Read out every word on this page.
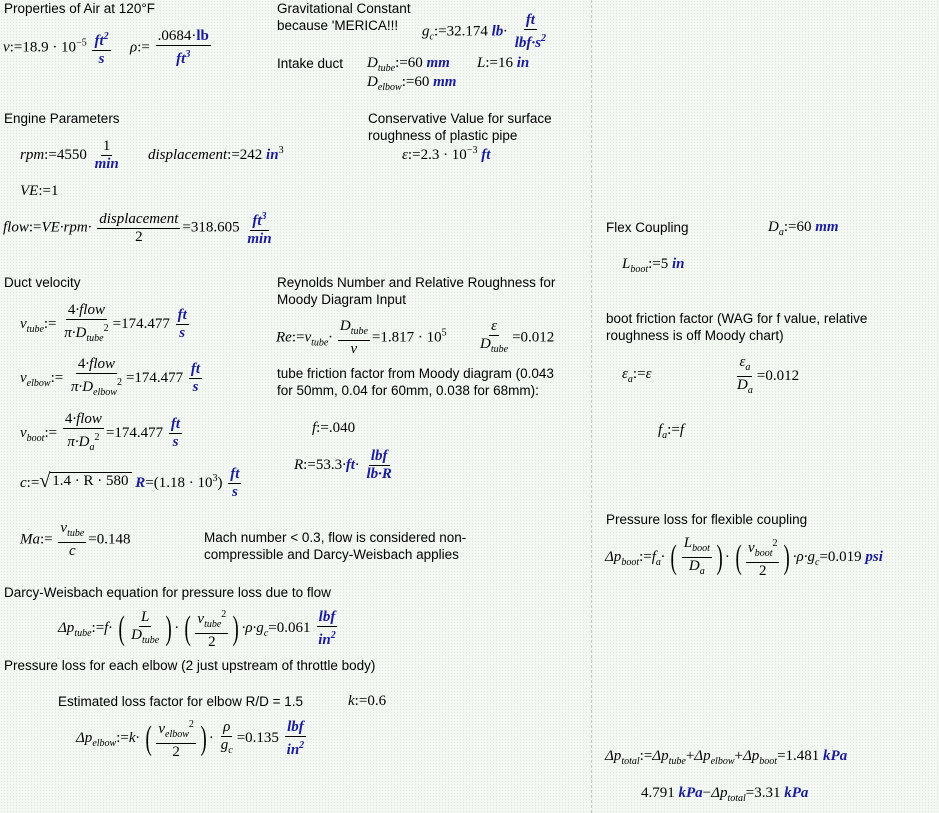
Properties of Air at 120°F
ν:=18.9 · $10^{-5} \frac{ft^2}{s}$ ρ:= $\frac{.0684\cdot lb}{ft^3}$
Gravitational Constant because 'MERICA!!!	$g_c:=32.174$ $lb\cdot \frac{ft}{lbf\cdot s^2}$
Intake duct $D_{tube}:=60$ mm L:=16 in
$D_{elbow}:=60$ mm
Engine Parameters
rpm:=4550 $\frac{1}{\min}$ displacement:=242 $in^3$
VE:=1
flow:=VE·rpm· $\frac{\text{displacement}}{2} =318.605 \frac{ft^3}{\min}$
Conservative Value for surface roughness of plastic pipe
ε:=2.3 · $10^{-3}$ ft
Flex Coupling	$D_a:=60$ mm
$L_{boot}:=5$ in
Duct velocity
$v_{tube}:= \frac{\text{4·flow}}{\pi\cdot D_{tube}^2} =174.477 \frac{ft}{s}$
$v_{elbow}:= \frac{\text{4·flow}}{\pi\cdot D_{elbow}^2} =174.477 \frac{ft}{s}$
$v_{boot}:= \frac{\text{4·flow}}{\pi\cdot D_a^2} =174.477 \frac{ft}{s}$
c:= √ 1.4 · R · 580 $R=(1.18 \cdot 10^3) \frac{ft}{s}$
Reynolds Number and Relative Roughness for Moody Diagram Input
$Re:=v_{tube}\cdot \frac{D_{tube}}{\nu} =1.817 \cdot 10^5 \frac{\varepsilon}{D_{tube}} =0.012$
boot friction factor (WAG for f value, relative roughness is off Moody chart)
$\varepsilon_a:=\varepsilon$	$\frac{\varepsilon_a}{D_a} =0.012$
$f_a:=f$
tube friction factor from Moody diagram (0.043 for 50mm, 0.04 for 60mm, 0.038 for 68mm):
f:=.040
R:=53.3·ft· $\frac{\text{lbf}}{lb\cdot R}$
Ma:= $\frac{v_{tube}}{c} =0.148$	Mach number < 0.3, flow is considered non-compressible and Darcy-Weisbach applies
Pressure loss for flexible coupling
$\Delta p_{boot}:=f_a\cdot$ ( $\frac{L_{boot}}{D_a}$ ) · ( $\frac{v_{boot}^2}{2}$ ) $\cdot\rho\cdot g_c=0.019$ psi
Darcy-Weisbach equation for pressure loss due to flow
$\Delta p_{tube}:=f\cdot$ ( $\frac{L}{D_{tube}}$ ) · ( $\frac{v_{tube}^2}{2}$ ) $\cdot\rho\cdot g_c=0.061 \frac{\text{lbf}}{in^2}$
Pressure loss for each elbow (2 just upstream of throttle body)
Estimated loss factor for elbow R/D = 1.5	k:=0.6
$\Delta p_{elbow}:=k\cdot$ ( $\frac{v_{elbow}^2}{2}$ ) · $\frac{\rho}{g_c} =0.135 \frac{\text{lbf}}{in^2}$	$\Delta p_{total}:=\Delta p_{tube}+\Delta p_{elbow}+\Delta p_{boot}=1.481$ kPa
4.791 $kPa-\Delta p_{total}=3.31$ kPa
